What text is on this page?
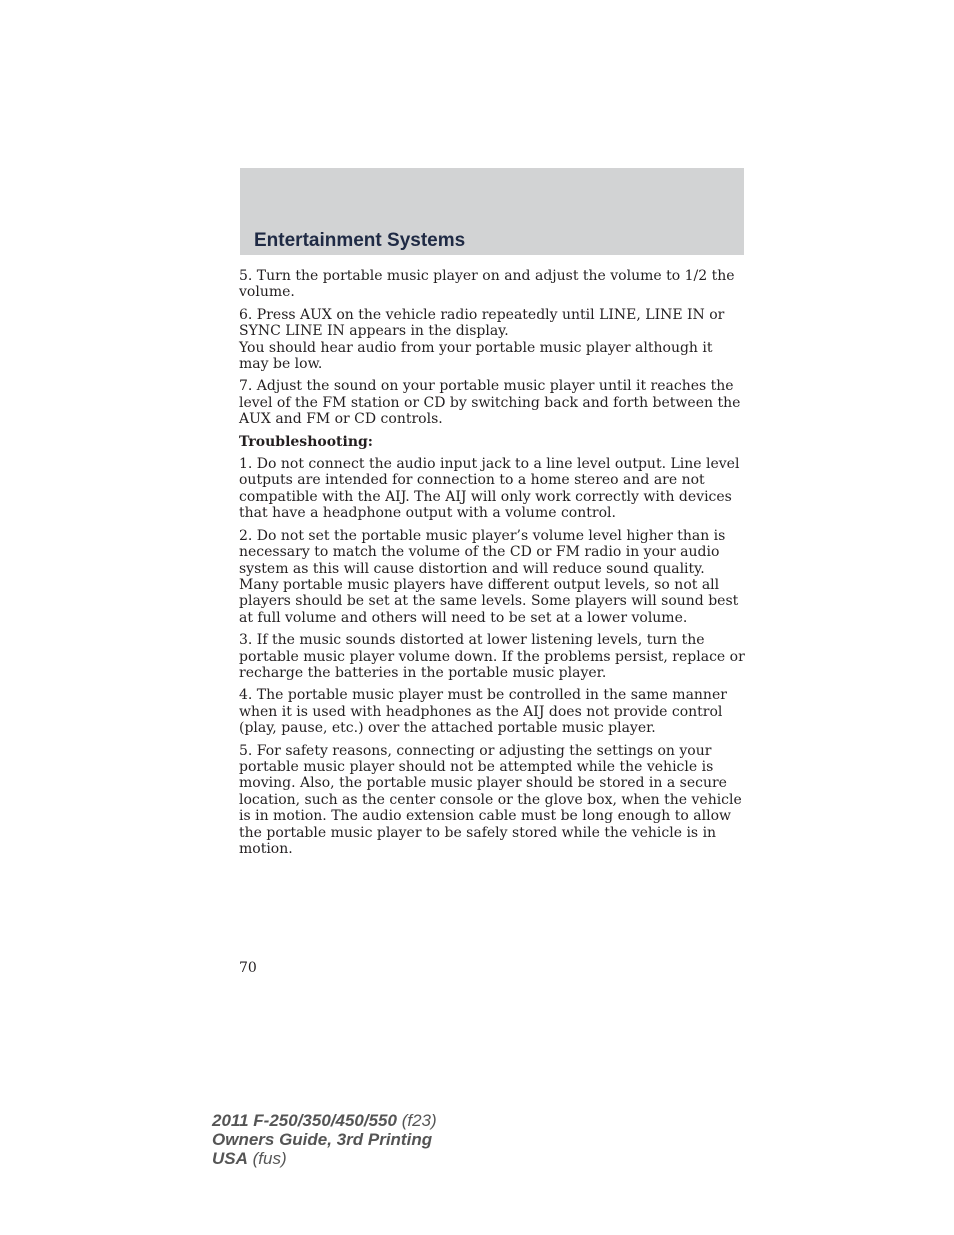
Entertainment Systems

5. Turn the portable music player on and adjust the volume to 1/2 the volume.

6. Press AUX on the vehicle radio repeatedly until LINE, LINE IN or SYNC LINE IN appears in the display.

You should hear audio from your portable music player although it may be low.

7. Adjust the sound on your portable music player until it reaches the level of the FM station or CD by switching back and forth between the AUX and FM or CD controls.

Troubleshooting:

1. Do not connect the audio input jack to a line level output. Line level outputs are intended for connection to a home stereo and are not compatible with the AIJ. The AIJ will only work correctly with devices that have a headphone output with a volume control.

2. Do not set the portable music player’s volume level higher than is necessary to match the volume of the CD or FM radio in your audio system as this will cause distortion and will reduce sound quality. Many portable music players have different output levels, so not all players should be set at the same levels. Some players will sound best at full volume and others will need to be set at a lower volume.

3. If the music sounds distorted at lower listening levels, turn the portable music player volume down. If the problems persist, replace or recharge the batteries in the portable music player.

4. The portable music player must be controlled in the same manner when it is used with headphones as the AIJ does not provide control (play, pause, etc.) over the attached portable music player.

5. For safety reasons, connecting or adjusting the settings on your portable music player should not be attempted while the vehicle is moving. Also, the portable music player should be stored in a secure location, such as the center console or the glove box, when the vehicle is in motion. The audio extension cable must be long enough to allow the portable music player to be safely stored while the vehicle is in motion.

70
2011 F-250/350/450/550 (f23)
Owners Guide, 3rd Printing
USA (fus)
